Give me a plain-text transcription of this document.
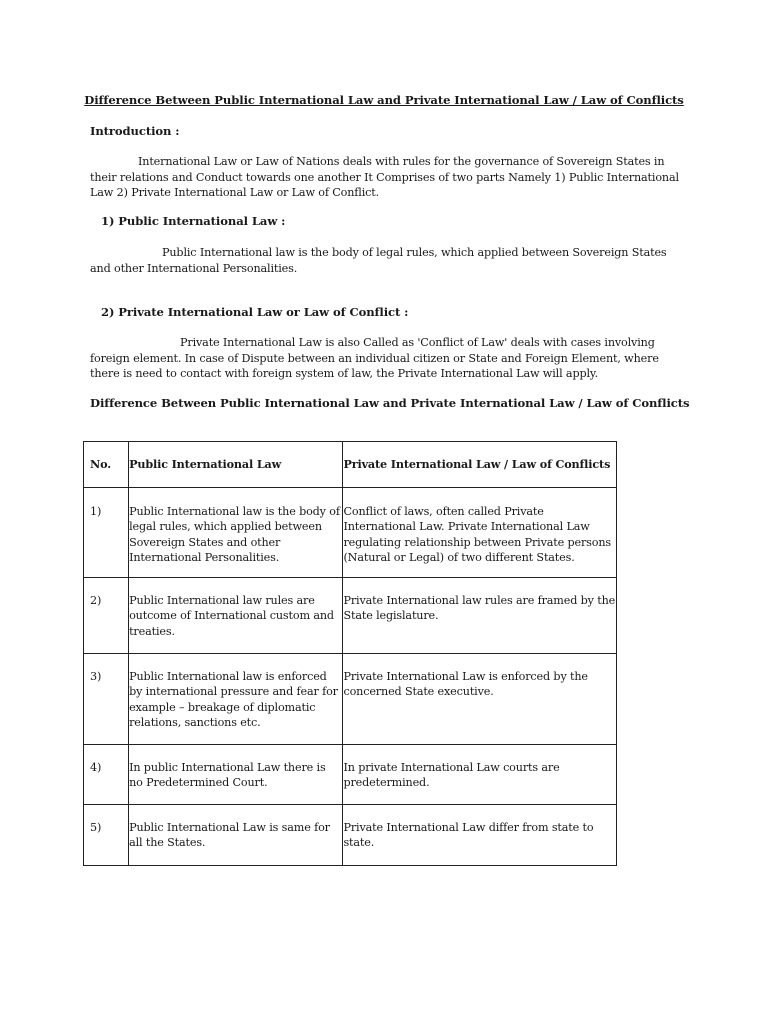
Difference Between Public International Law and Private International Law / Law of Conflicts
Introduction :

International Law or Law of Nations deals with rules for the governance of Sovereign States in their relations and Conduct towards one another It Comprises of two parts Namely 1) Public International Law 2) Private International Law or Law of Conflict.

1) Public International Law :

Public International law is the body of legal rules, which applied between Sovereign States and other International Personalities.

2) Private International Law or Law of Conflict :

Private International Law is also Called as 'Conflict of Law' deals with cases involving foreign element. In case of Dispute between an individual citizen or State and Foreign Element, where there is need to contact with foreign system of law, the Private International Law will apply.

Difference Between Public International Law and Private International Law / Law of Conflicts
No.	Public International Law	Private International Law / Law of Conflicts
1)	Public International law is the body of legal rules, which applied between Sovereign States and other International Personalities.	Conflict of laws, often called Private International Law. Private International Law regulating relationship between Private persons (Natural or Legal) of two different States.
2)	Public International law rules are outcome of International custom and treaties.	Private International law rules are framed by the State legislature.
3)	Public International law is enforced by international pressure and fear for example – breakage of diplomatic relations, sanctions etc.	Private International Law is enforced by the concerned State executive.
4)	In public International Law there is no Predetermined Court.	In private International Law courts are predetermined.
5)	Public International Law is same for all the States.	Private International Law differ from state to state.
